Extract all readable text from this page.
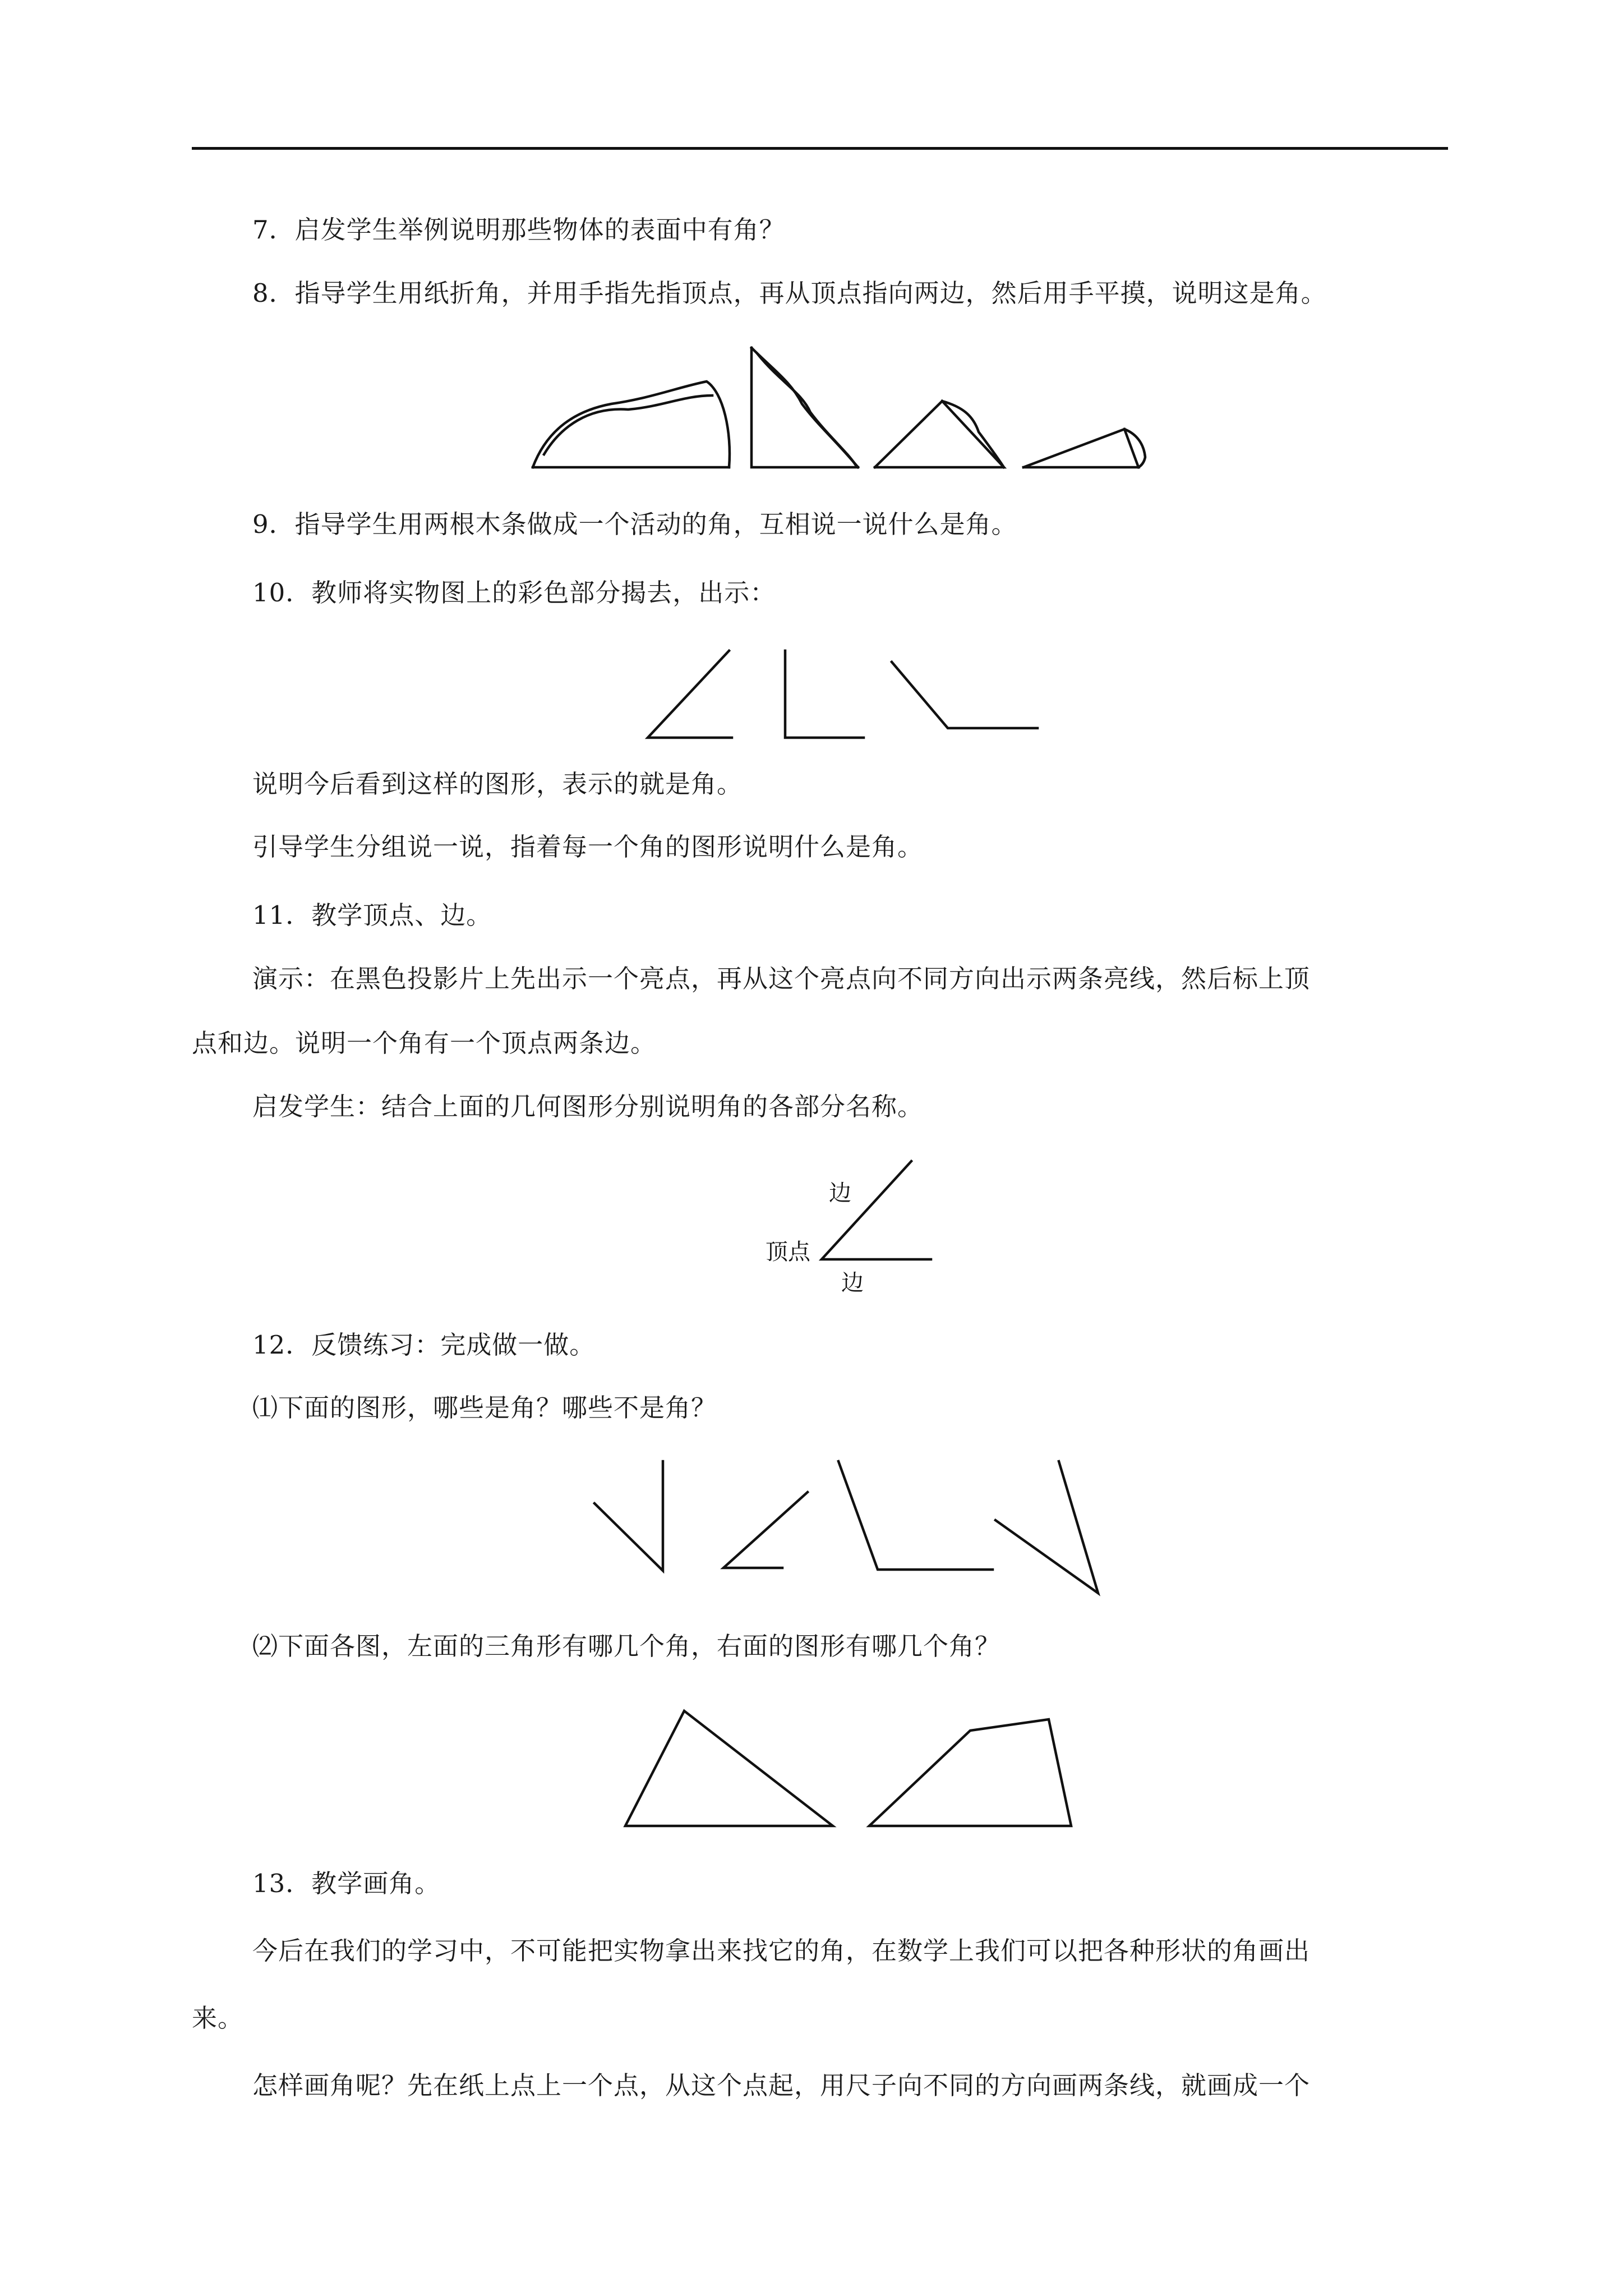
7．启发学生举例说明那些物体的表面中有角？
8．指导学生用纸折角，并用手指先指顶点，再从顶点指向两边，然后用手平摸，说明这是角。
9．指导学生用两根木条做成一个活动的角，互相说一说什么是角。
10．教师将实物图上的彩色部分揭去，出示：
说明今后看到这样的图形，表示的就是角。
引导学生分组说一说，指着每一个角的图形说明什么是角。
11．教学顶点、边。
演示：在黑色投影片上先出示一个亮点，再从这个亮点向不同方向出示两条亮线，然后标上顶
点和边。说明一个角有一个顶点两条边。
启发学生：结合上面的几何图形分别说明角的各部分名称。
边
顶点
边
12．反馈练习：完成做一做。
⑴下面的图形，哪些是角？哪些不是角？
⑵下面各图，左面的三角形有哪几个角，右面的图形有哪几个角？
13．教学画角。
今后在我们的学习中，不可能把实物拿出来找它的角，在数学上我们可以把各种形状的角画出
来。
怎样画角呢？先在纸上点上一个点，从这个点起，用尺子向不同的方向画两条线，就画成一个
